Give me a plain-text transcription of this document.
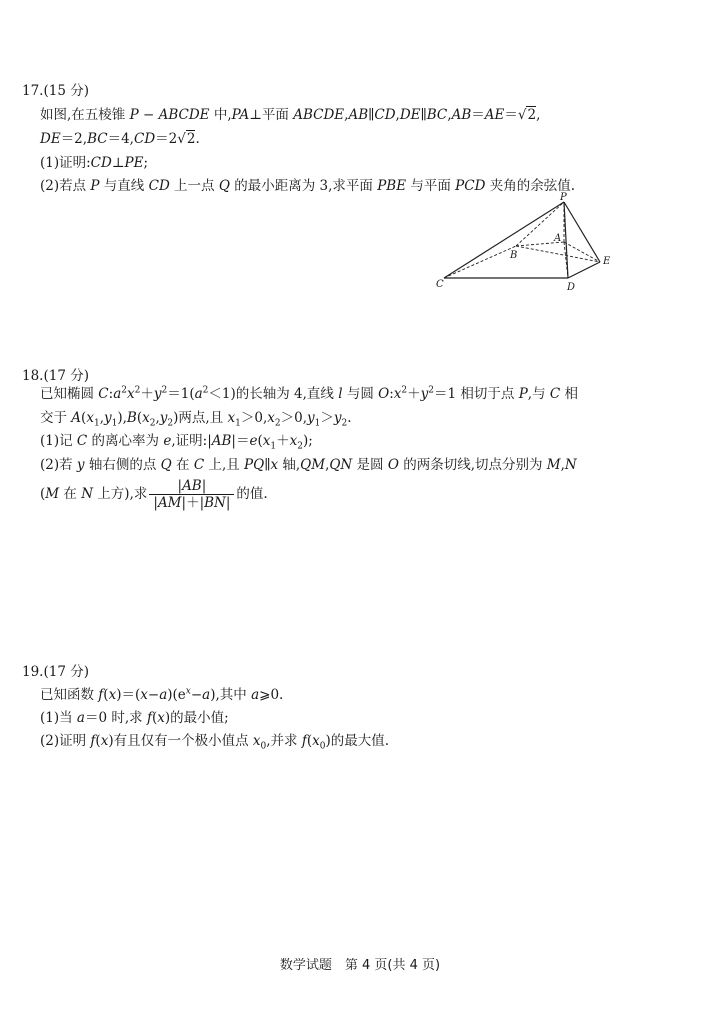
17.(15 分)
如图,在五棱锥 P − ABCDE 中,PA⊥平面 ABCDE,AB∥CD,DE∥BC,AB＝AE＝√2,
DE＝2,BC＝4,CD＝2√2.
(1)证明:CD⊥PE;
(2)若点 P 与直线 CD 上一点 Q 的最小距离为 3,求平面 PBE 与平面 PCD 夹角的余弦值.
P
A
B
C	D
E
18.(17 分)
已知椭圆 $C:a^2x^2+y^2=1(a^2<1)$的长轴为 4,直线 l 与圆 $O:x^2+y^2=1$ 相切于点 P,与 C 相
交于 $A(x_1,y_1),B(x_2,y_2)$两点,且 $x_1>0,x_2>0,y_1>y_2$.
(1)记 C 的离心率为 e,证明$:|AB|=e(x_1+x_2)$;
(2)若 y 轴右侧的点 Q 在 C 上,且 PQ∥x 轴,QM,QN 是圆 O 的两条切线,切点分别为 M,N
(M 在 N 上方),求 $\frac{|AB|}{|AM|+|BN|}$ 的值.
19.(17 分)
已知函数 $f(x)=(x-a)(e^x-a)$,其中 a⩾0.
(1)当 a＝0 时,求 f(x)的最小值;
(2)证明 f(x)有且仅有一个极小值点 $x_0$,并求 $f(x_0)$的最大值.
数学试题　第 4 页(共 4 页)
